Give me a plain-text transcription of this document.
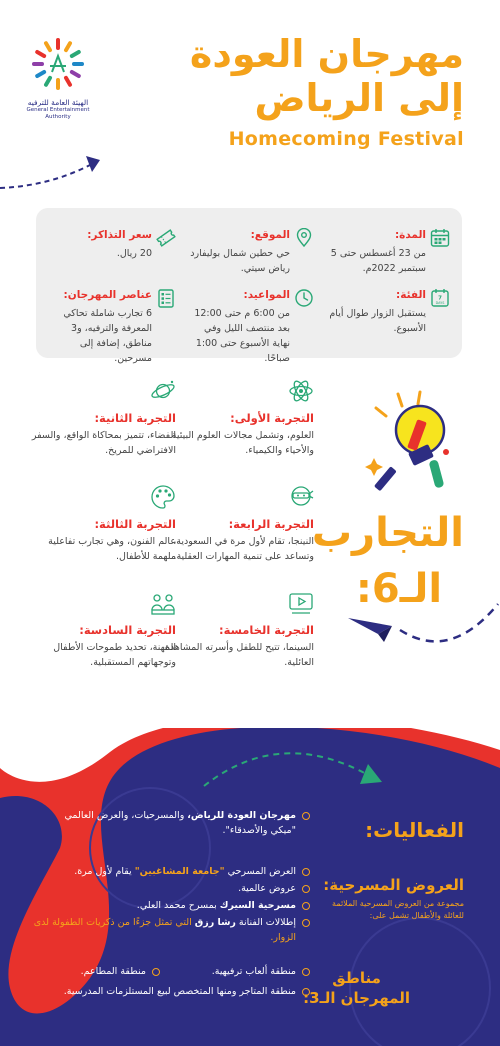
الهيئة العامة للترفيه
General Entertainment Authority
مهرجان العودة
إلى الرياض
Homecoming Festival
المدة:
من 23 أغسطس حتى 5 سبتمبر 2022م.
الموقع:
حي حطين شمال بوليفارد رياض سيتي.
سعر التذاكر:
20 ريال.
7
DAYS
الفئة:
يستقبل الزوار طوال أيام الأسبوع.
المواعيد:
من 6:00 م حتى 12:00 بعد منتصف الليل وفي نهاية الأسبوع حتى 1:00 صباحًا.
عناصر المهرجان:
6 تجارب شاملة تحاكي المعرفة والترفيه، و3 مناطق، إضافة إلى مسرحين.
التجارب
الـ6:
التجربة الأولى:
العلوم، وتشمل مجالات العلوم البيئية والأحياء والكيمياء.
التجربة الثانية:
الفضاء، تتميز بمحاكاة الواقع، والسفر الافتراضي للمريخ.
التجربة الرابعة:
النينجا، تقام لأول مرة في السعودية، وتساعد على تنمية المهارات العقلية.
التجربة الثالثة:
عالم الفنون، وهي تجارب تفاعلية ملهمة للأطفال.
التجربة الخامسة:
السينما، تتيح للطفل وأسرته المشاهدة العائلية.
التجربة السادسة:
المهنة، تحديد طموحات الأطفال وتوجهاتهم المستقبلية.
الفعاليات:
مهرجان العودة للرياض، والمسرحيات، والعرض العالمي "ميكي والأصدقاء".
العروض المسرحية:
مجموعة من العروض المسرحية الملائمة للعائلة والأطفال تشمل على:
العرض المسرحي "جامعة المشاغبين" يقام لأول مرة.
عروض عالمية.
مسرحية السيرك بمسرح محمد العلي.
إطلالات الفنانة رشا رزق التي تمثل جزءًا من ذكريات الطفولة لدى الزوار.
مناطق
المهرجان الـ3:
منطقة ألعاب ترفيهية.
منطقة المطاعم.
منطقة المتاجر ومنها المتخصص لبيع المستلزمات المدرسية.
